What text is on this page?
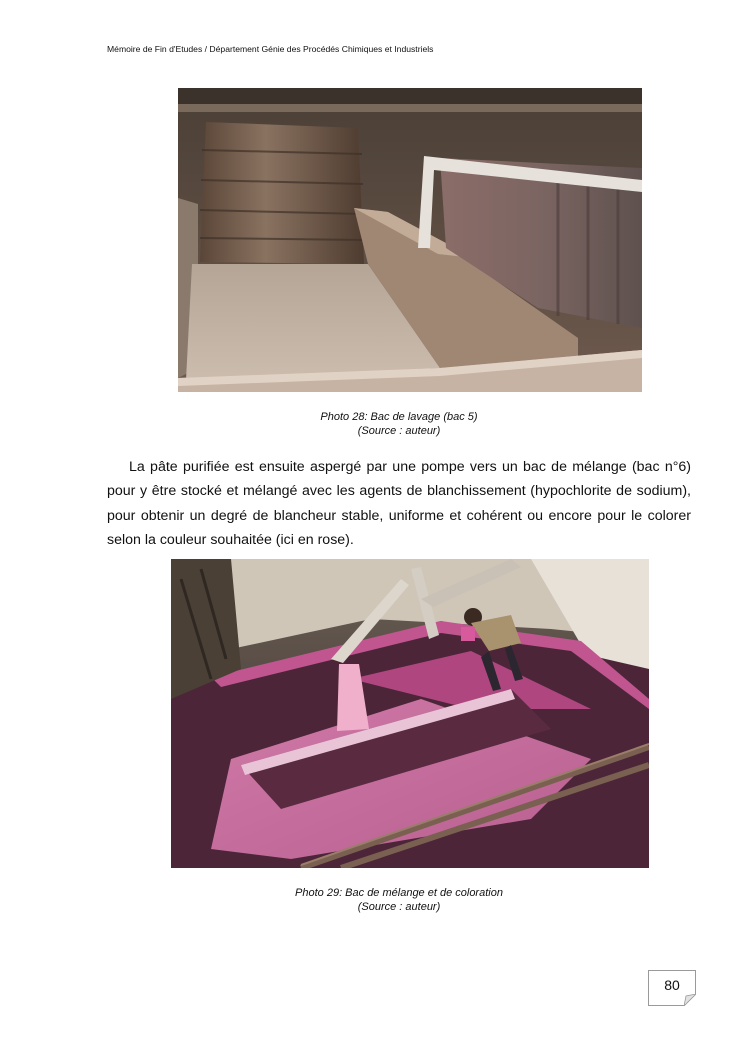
Mémoire de Fin d'Etudes / Département Génie des Procédés Chimiques et Industriels
Photo 28: Bac de lavage (bac 5)
(Source : auteur)
La pâte purifiée est ensuite aspergé par une pompe vers un bac de mélange (bac n°6) pour y être stocké et mélangé avec les agents de blanchissement (hypochlorite de sodium), pour obtenir un degré de blancheur stable, uniforme et cohérent ou encore pour le colorer selon la couleur souhaitée (ici en rose).
Photo 29: Bac de mélange et de coloration
(Source : auteur)
80
